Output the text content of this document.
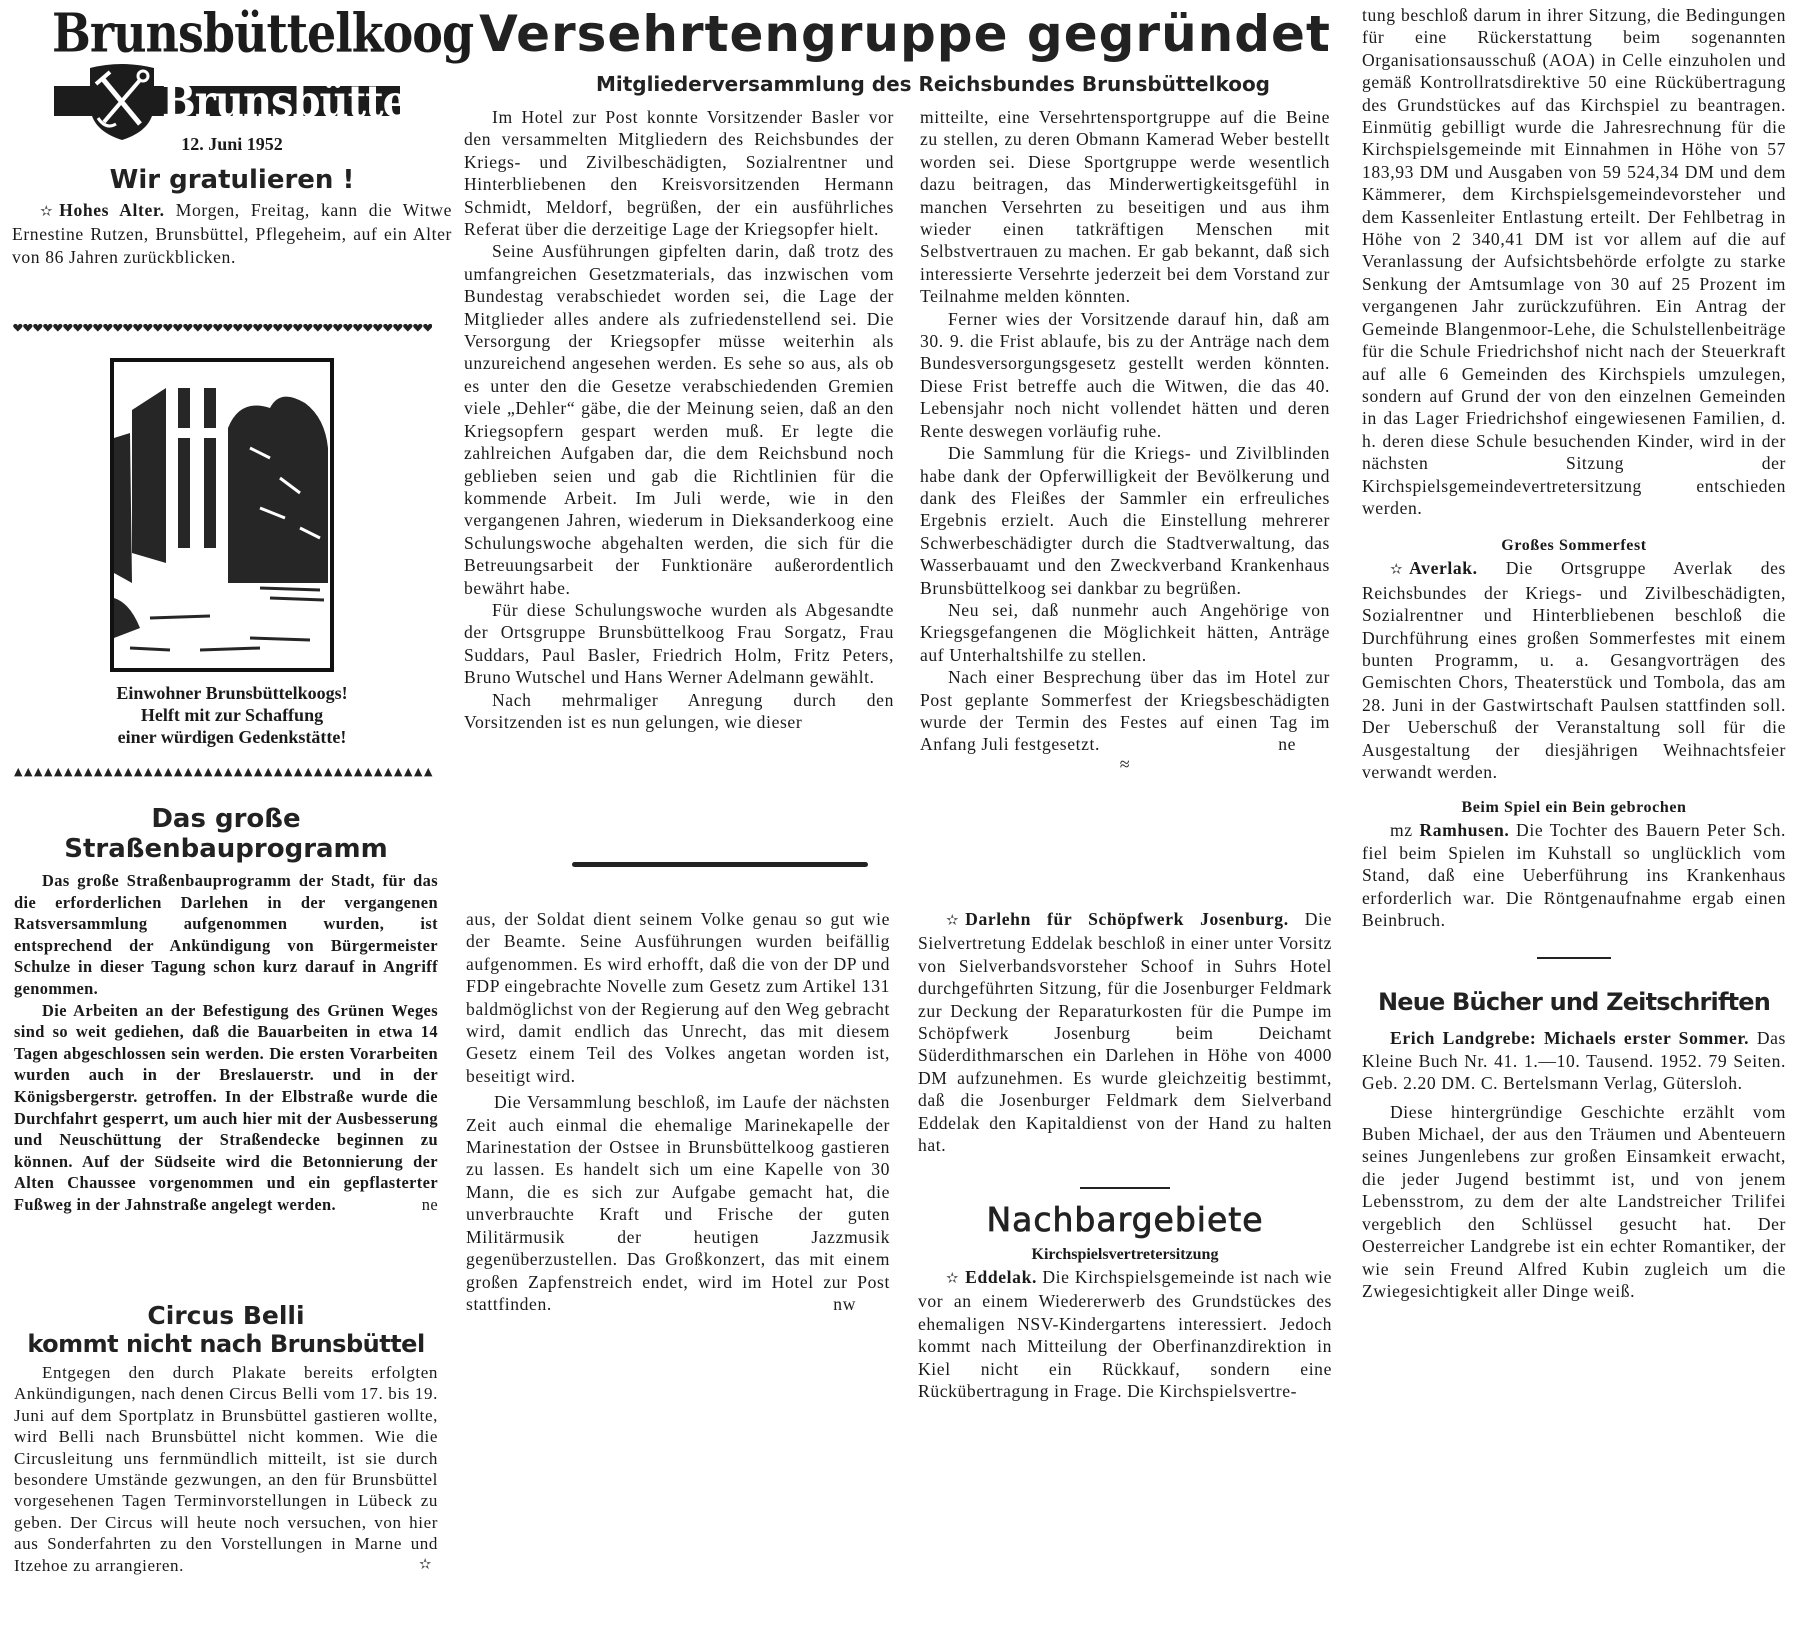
Brunsbüttelkoog
Brunsbüttel
12. Juni 1952
Wir gratulieren !

✫ Hohes Alter. Morgen, Freitag, kann die Witwe Ernestine Rutzen, Brunsbüttel, Pflegeheim, auf ein Alter von 86 Jahren zurückblicken.

♥♥♥♥♥♥♥♥♥♥♥♥♥♥♥♥♥♥♥♥♥♥♥♥♥♥♥♥♥♥♥♥♥♥♥♥♥♥♥♥♥♥
Einwohner Brunsbüttelkoogs!
Helft mit zur Schaffung
einer würdigen Gedenkstätte!
▲ ▲ ▲ ▲ ▲ ▲ ▲ ▲ ▲ ▲ ▲ ▲ ▲ ▲ ▲ ▲ ▲ ▲ ▲ ▲ ▲ ▲ ▲ ▲ ▲ ▲ ▲ ▲ ▲ ▲ ▲ ▲ ▲ ▲ ▲ ▲ ▲ ▲ ▲ ▲ ▲ ▲
Das große
Straßenbauprogramm

Das große Straßenbauprogramm der Stadt, für das die erforderlichen Darlehen in der vergangenen Ratsversammlung aufgenommen wurden, ist entsprechend der Ankündigung von Bürgermeister Schulze in dieser Tagung schon kurz darauf in Angriff genommen.

Die Arbeiten an der Befestigung des Grünen Weges sind so weit gediehen, daß die Bauarbeiten in etwa 14 Tagen abgeschlossen sein werden. Die ersten Vorarbeiten wurden auch in der Breslauerstr. und in der Königsbergerstr. getroffen. In der Elbstraße wurde die Durchfahrt gesperrt, um auch hier mit der Ausbesserung und Neuschüttung der Straßendecke beginnen zu können. Auf der Südseite wird die Betonnierung der Alten Chaussee vorgenommen und ein gepflasterter Fußweg in der Jahnstraße angelegt werden.	ne

Circus Belli
kommt nicht nach Brunsbüttel

Entgegen den durch Plakate bereits erfolgten Ankündigungen, nach denen Circus Belli vom 17. bis 19. Juni auf dem Sportplatz in Brunsbüttel gastieren wollte, wird Belli nach Brunsbüttel nicht kommen. Wie die Circusleitung uns fernmündlich mitteilt, ist sie durch besondere Umstände gezwungen, an den für Brunsbüttel vorgesehenen Tagen Terminvorstellungen in Lübeck zu geben. Der Circus will heute noch versuchen, von hier aus Sonderfahrten zu den Vorstellungen in Marne und Itzehoe zu arrangieren.	✫

Versehrtengruppe gegründet
Mitgliederversammlung des Reichsbundes Brunsbüttelkoog

Im Hotel zur Post konnte Vorsitzender Basler vor den versammelten Mitgliedern des Reichsbundes der Kriegs- und Zivilbeschädigten, Sozialrentner und Hinterbliebenen den Kreisvorsitzenden Hermann Schmidt, Meldorf, begrüßen, der ein ausführliches Referat über die derzeitige Lage der Kriegsopfer hielt.

Seine Ausführungen gipfelten darin, daß trotz des umfangreichen Gesetzmaterials, das inzwischen vom Bundestag verabschiedet worden sei, die Lage der Mitglieder alles andere als zufriedenstellend sei. Die Versorgung der Kriegsopfer müsse weiterhin als unzureichend angesehen werden. Es sehe so aus, als ob es unter den die Gesetze verabschiedenden Gremien viele „Dehler“ gäbe, die der Meinung seien, daß an den Kriegsopfern gespart werden muß. Er legte die zahlreichen Aufgaben dar, die dem Reichsbund noch geblieben seien und gab die Richtlinien für die kommende Arbeit. Im Juli werde, wie in den vergangenen Jahren, wiederum in Dieksanderkoog eine Schulungswoche abgehalten werden, die sich für die Betreuungsarbeit der Funktionäre außerordentlich bewährt habe.

Für diese Schulungswoche wurden als Abgesandte der Ortsgruppe Brunsbüttelkoog Frau Sorgatz, Frau Suddars, Paul Basler, Friedrich Holm, Fritz Peters, Bruno Wutschel und Hans Werner Adelmann gewählt.

Nach mehrmaliger Anregung durch den Vorsitzenden ist es nun gelungen, wie dieser

mitteilte, eine Versehrtensportgruppe auf die Beine zu stellen, zu deren Obmann Kamerad Weber bestellt worden sei. Diese Sportgruppe werde wesentlich dazu beitragen, das Minderwertigkeitsgefühl in manchen Versehrten zu beseitigen und aus ihm wieder einen tatkräftigen Menschen mit Selbstvertrauen zu machen. Er gab bekannt, daß sich interessierte Versehrte jederzeit bei dem Vorstand zur Teilnahme melden könnten.

Ferner wies der Vorsitzende darauf hin, daß am 30. 9. die Frist ablaufe, bis zu der Anträge nach dem Bundesversorgungsgesetz gestellt werden könnten. Diese Frist betreffe auch die Witwen, die das 40. Lebensjahr noch nicht vollendet hätten und deren Rente deswegen vorläufig ruhe.

Die Sammlung für die Kriegs- und Zivilblinden habe dank der Opferwilligkeit der Bevölkerung und dank des Fleißes der Sammler ein erfreuliches Ergebnis erzielt. Auch die Einstellung mehrerer Schwerbeschädigter durch die Stadtverwaltung, das Wasserbauamt und den Zweckverband Krankenhaus Brunsbüttelkoog sei dankbar zu begrüßen.

Neu sei, daß nunmehr auch Angehörige von Kriegsgefangenen die Möglichkeit hätten, Anträge auf Unterhaltshilfe zu stellen.

Nach einer Besprechung über das im Hotel zur Post geplante Sommerfest der Kriegsbeschädigten wurde der Termin des Festes auf einen Tag im Anfang Juli festgesetzt.	ne

≈

aus, der Soldat dient seinem Volke genau so gut wie der Beamte. Seine Ausführungen wurden beifällig aufgenommen. Es wird erhofft, daß die von der DP und FDP eingebrachte Novelle zum Gesetz zum Artikel 131 baldmöglichst von der Regierung auf den Weg gebracht wird, damit endlich das Unrecht, das mit diesem Gesetz einem Teil des Volkes angetan worden ist, beseitigt wird.

Die Versammlung beschloß, im Laufe der nächsten Zeit auch einmal die ehemalige Marinekapelle der Marinestation der Ostsee in Brunsbüttelkoog gastieren zu lassen. Es handelt sich um eine Kapelle von 30 Mann, die es sich zur Aufgabe gemacht hat, die unverbrauchte Kraft und Frische der guten Militärmusik der heutigen Jazzmusik gegenüberzustellen. Das Großkonzert, das mit einem großen Zapfenstreich endet, wird im Hotel zur Post stattfinden.	nw

✫ Darlehn für Schöpfwerk Josenburg. Die Sielvertretung Eddelak beschloß in einer unter Vorsitz von Sielverbandsvorsteher Schoof in Suhrs Hotel durchgeführten Sitzung, für die Josenburger Feldmark zur Deckung der Reparaturkosten für die Pumpe im Schöpfwerk Josenburg beim Deichamt Süderdithmarschen ein Darlehen in Höhe von 4000 DM aufzunehmen. Es wurde gleichzeitig bestimmt, daß die Josenburger Feldmark dem Sielverband Eddelak den Kapitaldienst von der Hand zu halten hat.

Nachbargebiete
Kirchspielsvertretersitzung

✫ Eddelak. Die Kirchspielsgemeinde ist nach wie vor an einem Wiedererwerb des Grundstückes des ehemaligen NSV-Kindergartens interessiert. Jedoch kommt nach Mitteilung der Oberfinanzdirektion in Kiel nicht ein Rückkauf, sondern eine Rückübertragung in Frage. Die Kirchspielsvertre-

tung beschloß darum in ihrer Sitzung, die Bedingungen für eine Rückerstattung beim sogenannten Organisationsausschuß (AOA) in Celle einzuholen und gemäß Kontrollratsdirektive 50 eine Rückübertragung des Grundstückes auf das Kirchspiel zu beantragen. Einmütig gebilligt wurde die Jahresrechnung für die Kirchspielsgemeinde mit Einnahmen in Höhe von 57 183,93 DM und Ausgaben von 59 524,34 DM und dem Kämmerer, dem Kirchspielsgemeindevorsteher und dem Kassenleiter Entlastung erteilt. Der Fehlbetrag in Höhe von 2 340,41 DM ist vor allem auf die auf Veranlassung der Aufsichtsbehörde erfolgte zu starke Senkung der Amtsumlage von 30 auf 25 Prozent im vergangenen Jahr zurückzuführen. Ein Antrag der Gemeinde Blangenmoor-Lehe, die Schulstellenbeiträge für die Schule Friedrichshof nicht nach der Steuerkraft auf alle 6 Gemeinden des Kirchspiels umzulegen, sondern auf Grund der von den einzelnen Gemeinden in das Lager Friedrichshof eingewiesenen Familien, d. h. deren diese Schule besuchenden Kinder, wird in der nächsten Sitzung der Kirchspielsgemeindevertretersitzung entschieden werden.

Großes Sommerfest

✫ Averlak. Die Ortsgruppe Averlak des Reichsbundes der Kriegs- und Zivilbeschädigten, Sozialrentner und Hinterbliebenen beschloß die Durchführung eines großen Sommerfestes mit einem bunten Programm, u. a. Gesangvorträgen des Gemischten Chors, Theaterstück und Tombola, das am 28. Juni in der Gastwirtschaft Paulsen stattfinden soll. Der Ueberschuß der Veranstaltung soll für die Ausgestaltung der diesjährigen Weihnachtsfeier verwandt werden.

Beim Spiel ein Bein gebrochen

mz Ramhusen. Die Tochter des Bauern Peter Sch. fiel beim Spielen im Kuhstall so unglücklich vom Stand, daß eine Ueberführung ins Krankenhaus erforderlich war. Die Röntgenaufnahme ergab einen Beinbruch.

Neue Bücher und Zeitschriften

Erich Landgrebe: Michaels erster Sommer. Das Kleine Buch Nr. 41. 1.—10. Tausend. 1952. 79 Seiten. Geb. 2.20 DM. C. Bertelsmann Verlag, Gütersloh.

Diese hintergründige Geschichte erzählt vom Buben Michael, der aus den Träumen und Abenteuern seines Jungenlebens zur großen Einsamkeit erwacht, die jeder Jugend bestimmt ist, und von jenem Lebensstrom, zu dem der alte Landstreicher Trilifei vergeblich den Schlüssel gesucht hat. Der Oesterreicher Landgrebe ist ein echter Romantiker, der wie sein Freund Alfred Kubin zugleich um die Zwiegesichtigkeit aller Dinge weiß.
